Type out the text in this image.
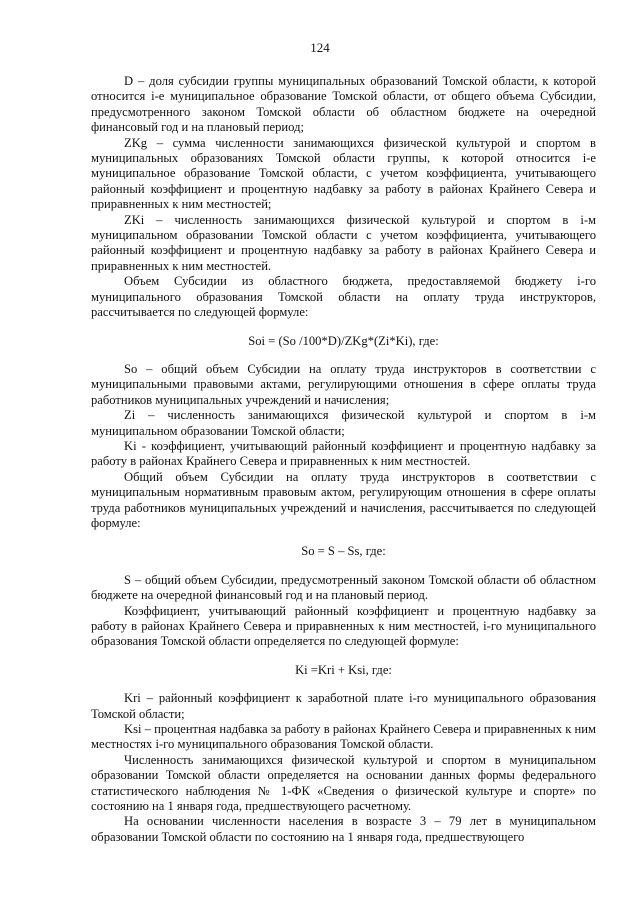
124

D – доля субсидии группы муниципальных образований Томской области, к которой относится i-е муниципальное образование Томской области, от общего объема Субсидии, предусмотренного законом Томской области об областном бюджете на очередной финансовый год и на плановый период;

ZKg – сумма численности занимающихся физической культурой и спортом в муниципальных образованиях Томской области группы, к которой относится i-е муниципальное образование Томской области, с учетом коэффициента, учитывающего районный коэффициент и процентную надбавку за работу в районах Крайнего Севера и приравненных к ним местностей;

ZKi – численность занимающихся физической культурой и спортом в i-м муниципальном образовании Томской области с учетом коэффициента, учитывающего районный коэффициент и процентную надбавку за работу в районах Крайнего Севера и приравненных к ним местностей.

Объем Субсидии из областного бюджета, предоставляемой бюджету i-го муниципального образования Томской области на оплату труда инструкторов, рассчитывается по следующей формуле:

Soi = (So /100*D)/ZKg*(Zi*Ki), где:

So – общий объем Субсидии на оплату труда инструкторов в соответствии с муниципальными правовыми актами, регулирующими отношения в сфере оплаты труда работников муниципальных учреждений и начисления;

Zi – численность занимающихся физической культурой и спортом в i-м муниципальном образовании Томской области;

Ki - коэффициент, учитывающий районный коэффициент и процентную надбавку за работу в районах Крайнего Севера и приравненных к ним местностей.

Общий объем Субсидии на оплату труда инструкторов в соответствии с муниципальным нормативным правовым актом, регулирующим отношения в сфере оплаты труда работников муниципальных учреждений и начисления, рассчитывается по следующей формуле:

So = S – Ss, где:

S – общий объем Субсидии, предусмотренный законом Томской области об областном бюджете на очередной финансовый год и на плановый период.

Коэффициент, учитывающий районный коэффициент и процентную надбавку за работу в районах Крайнего Севера и приравненных к ним местностей, i-го муниципального образования Томской области определяется по следующей формуле:

Ki =Kri + Ksi, где:

Kri – районный коэффициент к заработной плате i-го муниципального образования Томской области;

Ksi – процентная надбавка за работу в районах Крайнего Севера и приравненных к ним местностях i-го муниципального образования Томской области.

Численность занимающихся физической культурой и спортом в муниципальном образовании Томской области определяется на основании данных формы федерального статистического наблюдения № 1-ФК «Сведения о физической культуре и спорте» по состоянию на 1 января года, предшествующего расчетному.

На основании численности населения в возрасте 3 – 79 лет в муниципальном образовании Томской области по состоянию на 1 января года, предшествующего
